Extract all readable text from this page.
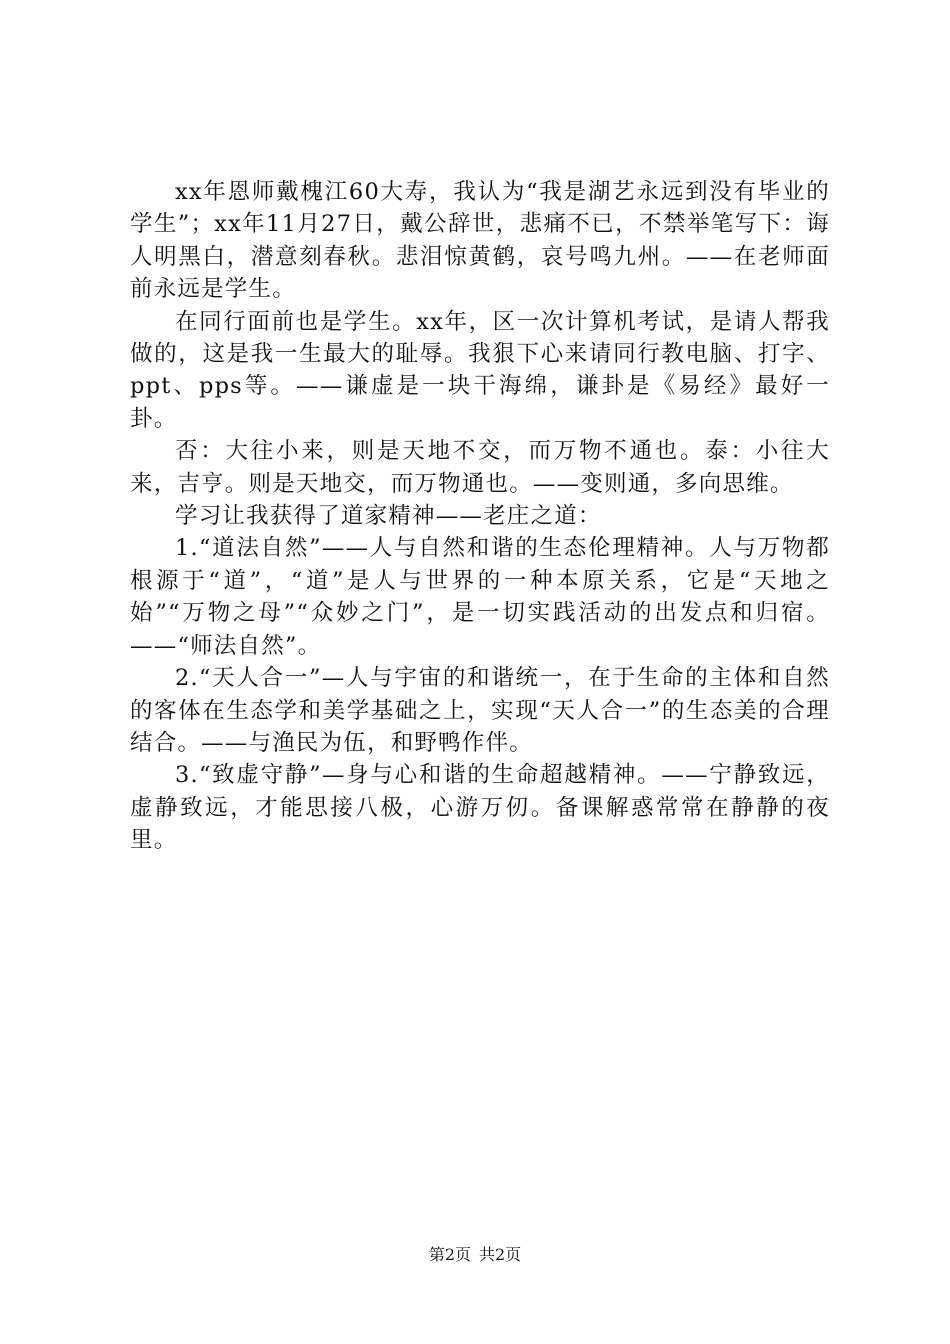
xx年恩师戴槐江60大寿，我认为“我是湖艺永远到没有毕业的学生”；xx年11月27日，戴公辞世，悲痛不已，不禁举笔写下：诲人明黑白，潜意刻春秋。悲泪惊黄鹤，哀号鸣九州。——在老师面前永远是学生。

在同行面前也是学生。xx年，区一次计算机考试，是请人帮我做的，这是我一生最大的耻辱。我狠下心来请同行教电脑、打字、ppt、pps等。——谦虚是一块干海绵，谦卦是《易经》最好一卦。

否：大往小来，则是天地不交，而万物不通也。泰：小往大来，吉亨。则是天地交，而万物通也。——变则通，多向思维。

学习让我获得了道家精神——老庄之道：

1.“道法自然”——人与自然和谐的生态伦理精神。人与万物都根源于“道”，“道”是人与世界的一种本原关系，它是“天地之始”“万物之母”“众妙之门”，是一切实践活动的出发点和归宿。——“师法自然”。

2.“天人合一”—人与宇宙的和谐统一，在于生命的主体和自然的客体在生态学和美学基础之上，实现“天人合一”的生态美的合理结合。——与渔民为伍，和野鸭作伴。

3.“致虚守静”—身与心和谐的生命超越精神。——宁静致远，虚静致远，才能思接八极，心游万仞。备课解惑常常在静静的夜里。

第2页 共2页
